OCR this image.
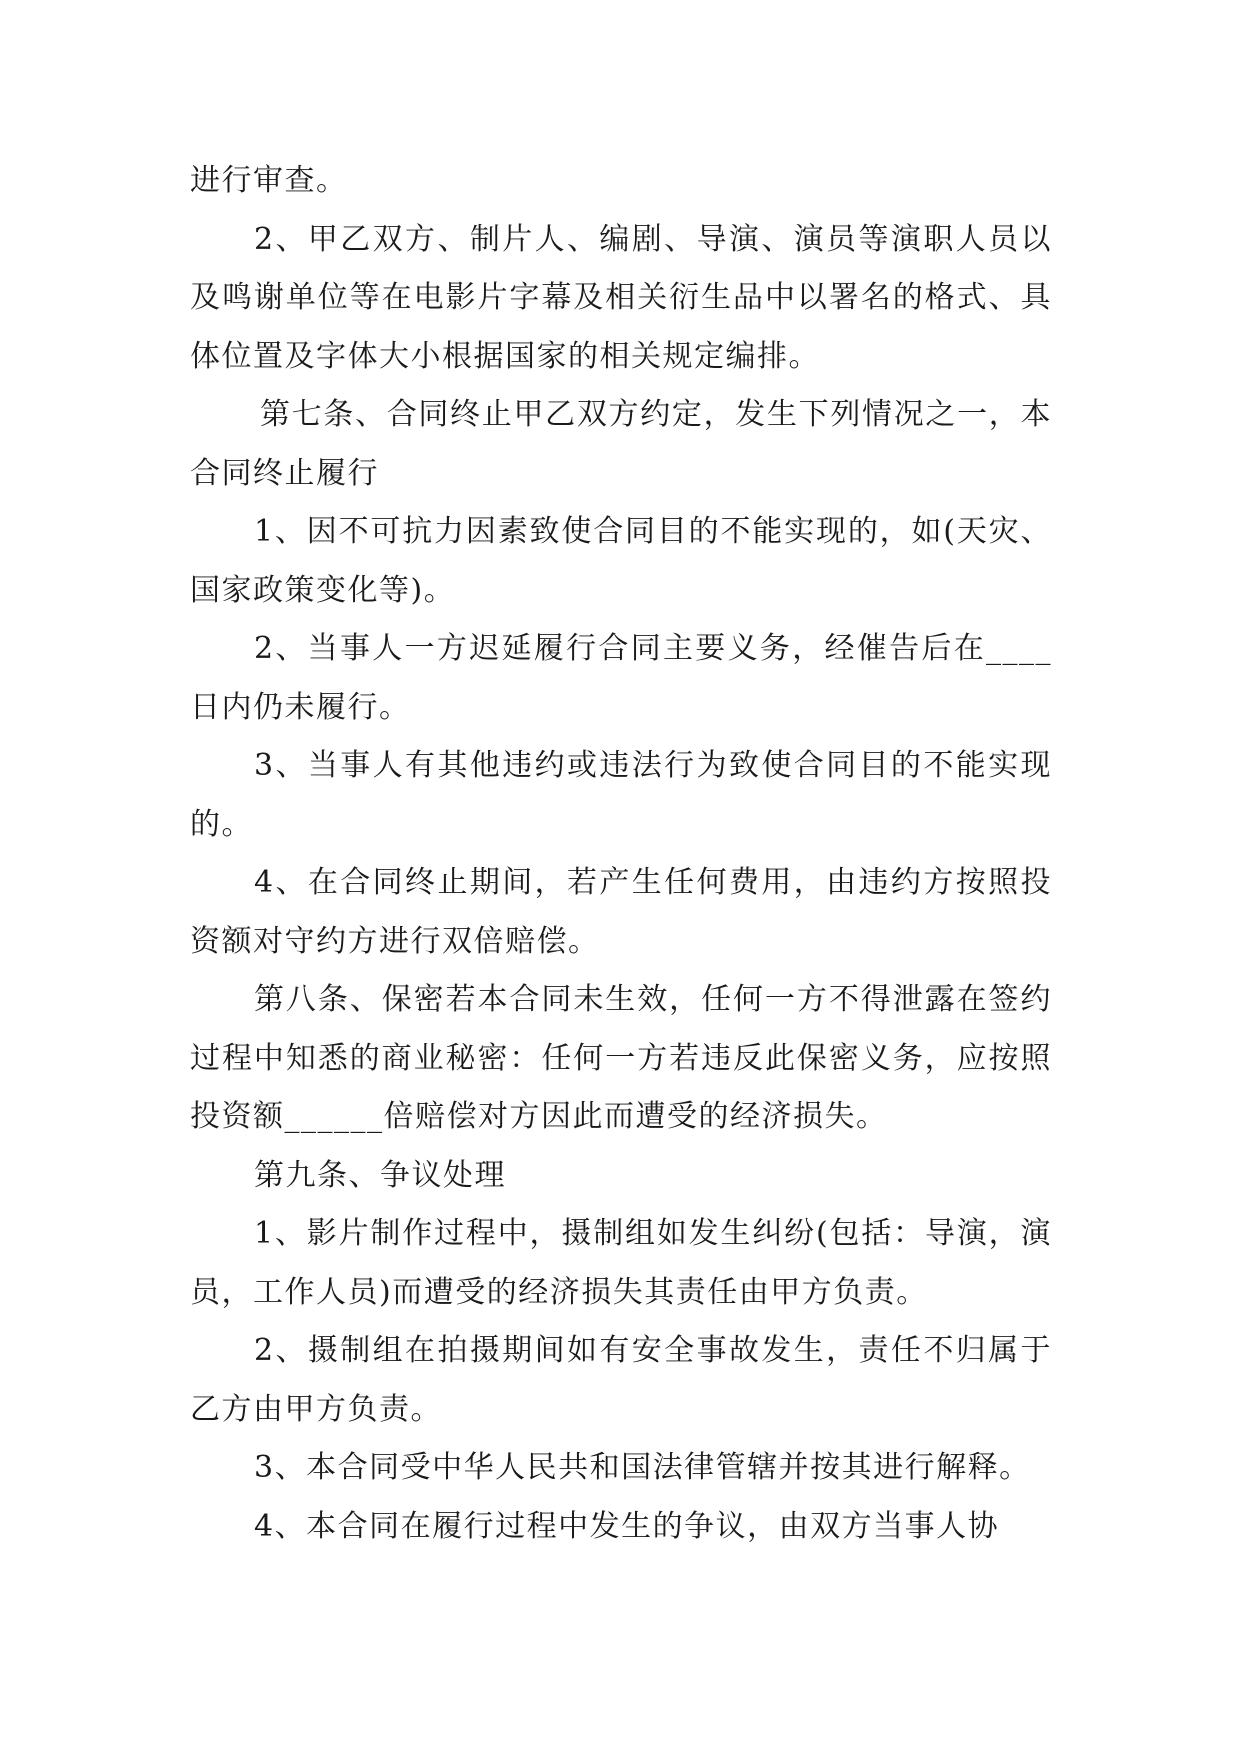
进行审查。

2、甲乙双方、制片人、编剧、导演、演员等演职人员以及鸣谢单位等在电影片字幕及相关衍生品中以署名的格式、具体位置及字体大小根据国家的相关规定编排。

第七条、合同终止甲乙双方约定，发生下列情况之一，本合同终止履行

1、因不可抗力因素致使合同目的不能实现的，如(天灾、国家政策变化等)。

2、当事人一方迟延履行合同主要义务，经催告后在____日内仍未履行。

3、当事人有其他违约或违法行为致使合同目的不能实现的。

4、在合同终止期间，若产生任何费用，由违约方按照投资额对守约方进行双倍赔偿。

第八条、保密若本合同未生效，任何一方不得泄露在签约过程中知悉的商业秘密：任何一方若违反此保密义务，应按照投资额______倍赔偿对方因此而遭受的经济损失。

第九条、争议处理

1、影片制作过程中，摄制组如发生纠纷(包括：导演，演员，工作人员)而遭受的经济损失其责任由甲方负责。

2、摄制组在拍摄期间如有安全事故发生，责任不归属于乙方由甲方负责。

3、本合同受中华人民共和国法律管辖并按其进行解释。

4、本合同在履行过程中发生的争议，由双方当事人协
